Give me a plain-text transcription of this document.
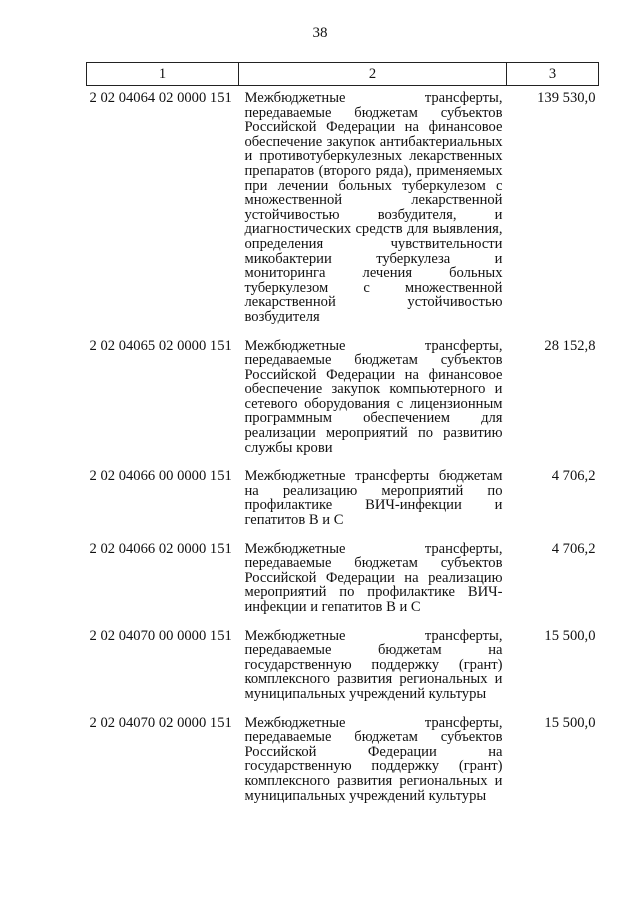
38
1	2	3
2 02 04064 02 0000 151	Межбюджетные трансферты, передаваемые бюджетам субъектов Российской Федерации на финансовое обеспечение закупок антибактериальных и противотуберкулезных лекарственных препаратов (второго ряда), применяемых при лечении больных туберкулезом с множественной лекарственной устойчивостью возбудителя, и диагностических средств для выявления, определения чувствительности микобактерии туберкулеза и мониторинга лечения больных туберкулезом с множественной лекарственной устойчивостью возбудителя	139 530,0
2 02 04065 02 0000 151	Межбюджетные трансферты, передаваемые бюджетам субъектов Российской Федерации на финансовое обеспечение закупок компьютерного и сетевого оборудования с лицензионным программным обеспечением для реализации мероприятий по развитию службы крови	28 152,8
2 02 04066 00 0000 151	Межбюджетные трансферты бюджетам на реализацию мероприятий по профилактике ВИЧ-инфекции и гепатитов В и С	4 706,2
2 02 04066 02 0000 151	Межбюджетные трансферты, передаваемые бюджетам субъектов Российской Федерации на реализацию мероприятий по профилактике ВИЧ-инфекции и гепатитов В и С	4 706,2
2 02 04070 00 0000 151	Межбюджетные трансферты, передаваемые бюджетам на государственную поддержку (грант) комплексного развития региональных и муниципальных учреждений культуры	15 500,0
2 02 04070 02 0000 151	Межбюджетные трансферты, передаваемые бюджетам субъектов Российской Федерации на государственную поддержку (грант) комплексного развития региональных и муниципальных учреждений культуры	15 500,0
